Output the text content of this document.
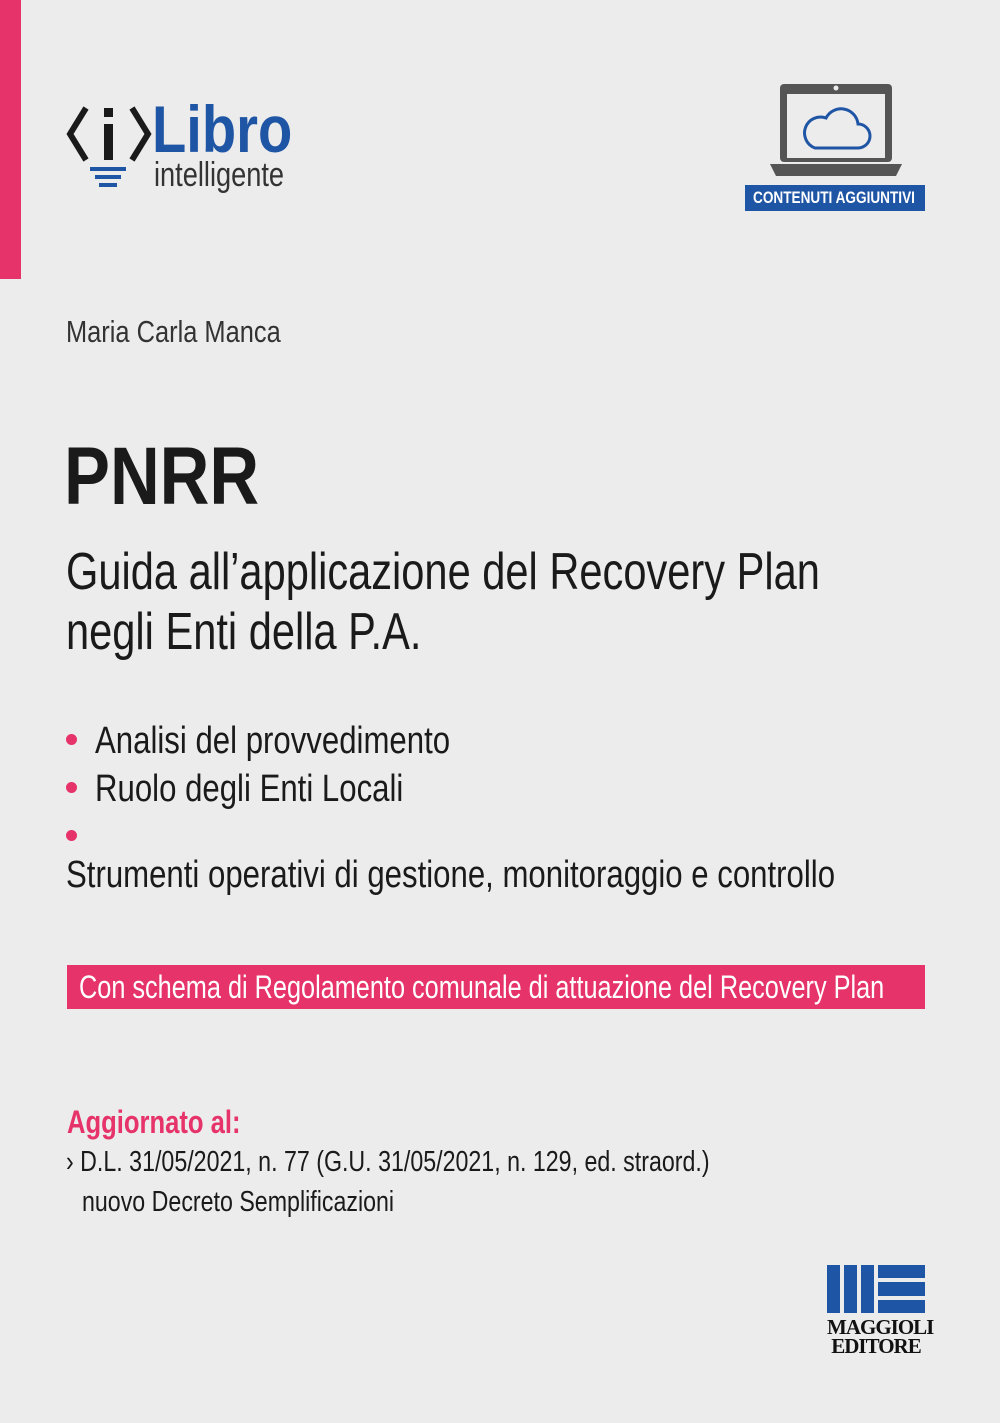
Libro
intelligente
CONTENUTI AGGIUNTIVI
Maria Carla Manca
PNRR
Guida all’applicazione del Recovery Plan
negli Enti della P.A.
Analisi del provvedimento
Ruolo degli Enti Locali
Strumenti operativi di gestione, monitoraggio e controllo
Con schema di Regolamento comunale di attuazione del Recovery Plan
Aggiornato al:
› D.L. 31/05/2021, n. 77 (G.U. 31/05/2021, n. 129, ed. straord.)
nuovo Decreto Semplificazioni
MAGGIOLI
EDITORE
